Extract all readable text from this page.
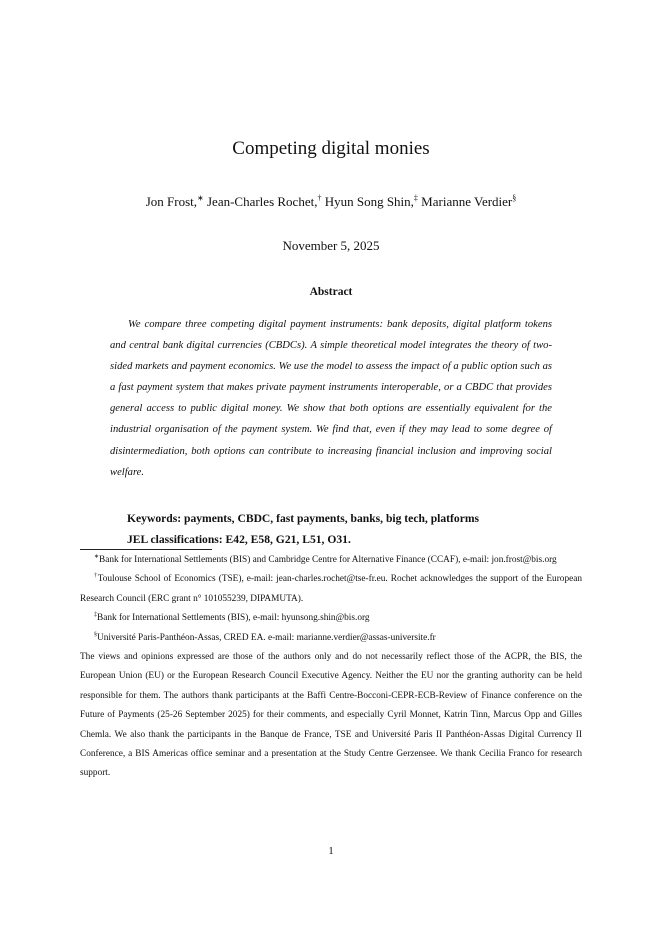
Competing digital monies
Jon Frost,∗ Jean-Charles Rochet,† Hyun Song Shin,‡ Marianne Verdier§
November 5, 2025
Abstract
We compare three competing digital payment instruments: bank deposits, digital platform tokens and central bank digital currencies (CBDCs). A simple theoretical model integrates the theory of two-sided markets and payment economics. We use the model to assess the impact of a public option such as a fast payment system that makes private payment instruments interoperable, or a CBDC that provides general access to public digital money. We show that both options are essentially equivalent for the industrial organisation of the payment system. We find that, even if they may lead to some degree of disintermediation, both options can contribute to increasing financial inclusion and improving social welfare.
Keywords: payments, CBDC, fast payments, banks, big tech, platforms
JEL classifications: E42, E58, G21, L51, O31.
∗Bank for International Settlements (BIS) and Cambridge Centre for Alternative Finance (CCAF), e-mail: jon.frost@bis.org
†Toulouse School of Economics (TSE), e-mail: jean-charles.rochet@tse-fr.eu. Rochet acknowledges the support of the European Research Council (ERC grant n° 101055239, DIPAMUTA).
‡Bank for International Settlements (BIS), e-mail: hyunsong.shin@bis.org
§Université Paris-Panthéon-Assas, CRED EA. e-mail: marianne.verdier@assas-universite.fr
The views and opinions expressed are those of the authors only and do not necessarily reflect those of the ACPR, the BIS, the European Union (EU) or the European Research Council Executive Agency. Neither the EU nor the granting authority can be held responsible for them. The authors thank participants at the Baffi Centre-Bocconi-CEPR-ECB-Review of Finance conference on the Future of Payments (25-26 September 2025) for their comments, and especially Cyril Monnet, Katrin Tinn, Marcus Opp and Gilles Chemla. We also thank the participants in the Banque de France, TSE and Université Paris II Panthéon-Assas Digital Currency II Conference, a BIS Americas office seminar and a presentation at the Study Centre Gerzensee. We thank Cecilia Franco for research support.
1
